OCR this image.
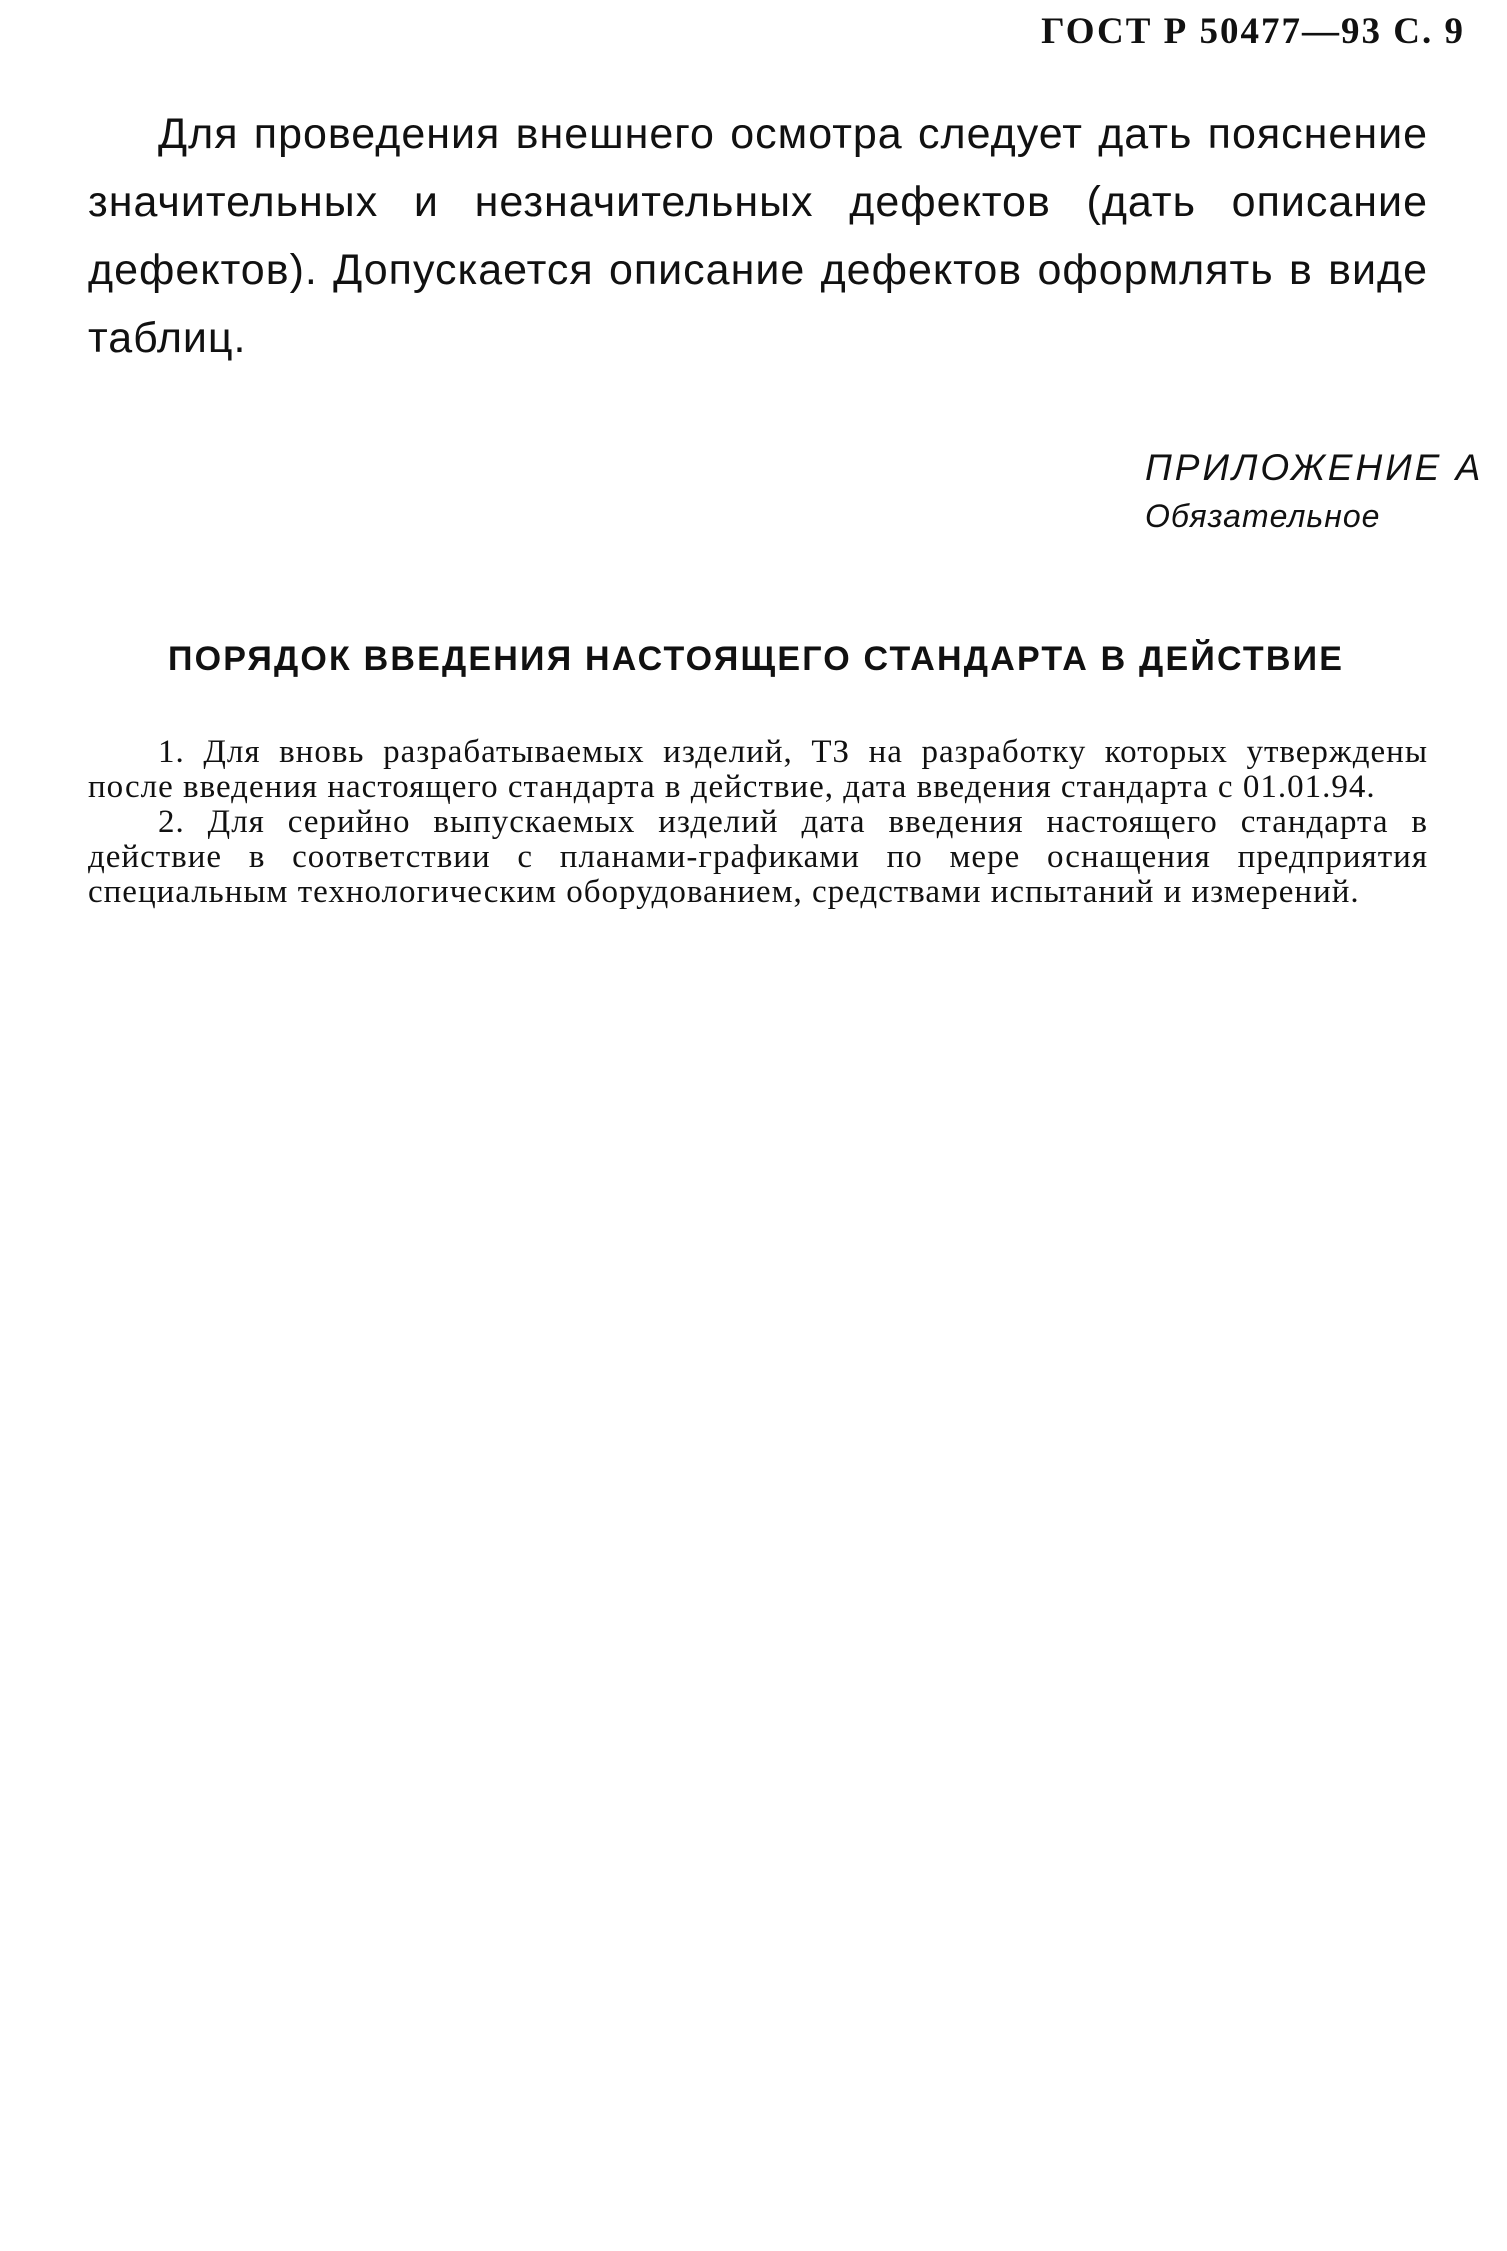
ГОСТ Р 50477—93 С. 9

Для проведения внешнего осмотра следует дать пояснение значительных и незначительных дефектов (дать описание дефектов). Допускается описание дефектов оформлять в виде таблиц.

ПРИЛОЖЕНИЕ А
Обязательное
ПОРЯДОК ВВЕДЕНИЯ НАСТОЯЩЕГО СТАНДАРТА В ДЕЙСТВИЕ

1. Для вновь разрабатываемых изделий, ТЗ на разработку которых утверждены после введения настоящего стандарта в действие, дата введения стандарта с 01.01.94.

2. Для серийно выпускаемых изделий дата введения настоящего стандарта в действие в соответствии с планами-графиками по мере оснащения предприятия специальным технологическим оборудованием, средствами испытаний и измерений.
